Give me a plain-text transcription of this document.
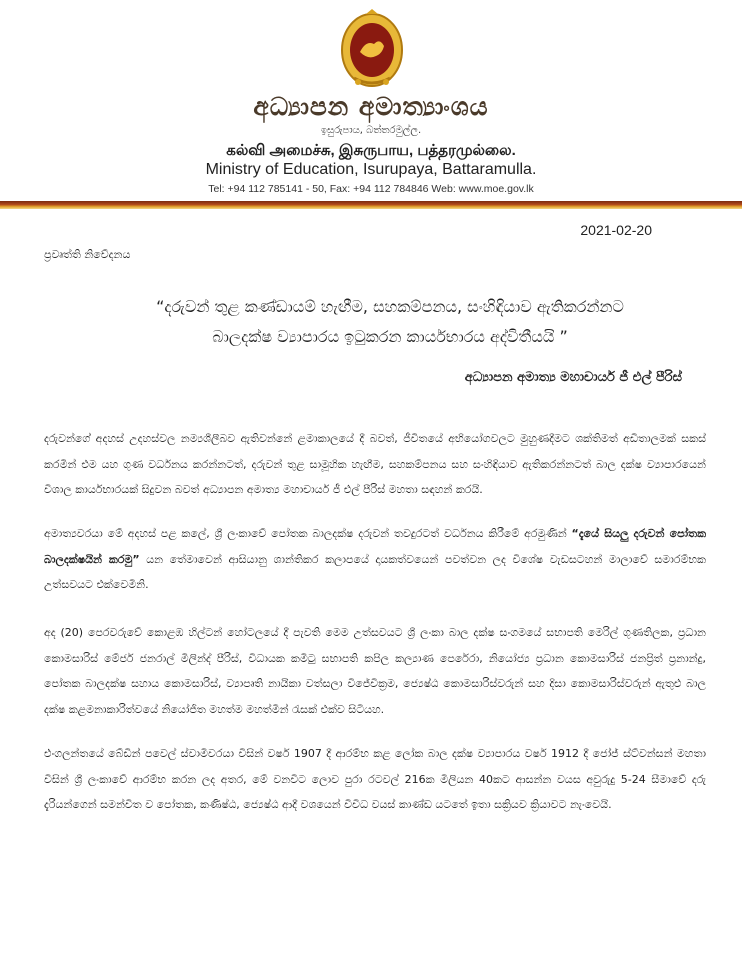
අධ්‍යාපන අමාත්‍යාංශය
ඉසුරුපාය, බත්තරමුල්ල.
கல்வி அமைச்சு, இசுருபாய, பத்தரமுல்லை.
Ministry of Education, Isurupaya, Battaramulla.
Tel: +94 112 785141 - 50, Fax: +94 112 784846 Web: www.moe.gov.lk
2021-02-20
ප්‍රවෘත්ති නිවේදනය
“දරුවන් තුළ කණ්ඩායම් හැඟීම, සහකම්පනය, සංහිඳියාව ඇතිකරන්නට
බාලදක්ෂ ව්‍යාපාරය ඉටුකරන කාර්යභාරය අද්විතීයයි ”
අධ්‍යාපන අමාත්‍ය මහාචාර්ය ජී එල් පීරිස්

දරුවන්ගේ අදහස් උදහස්වල නම්‍යශීලීබව ඇතිවන්නේ ළමාකාලයේ දී බවත්, ජීවිතයේ අභියෝගවලට මුහුණදීමට ශක්තිමත් අඩිතාලමක් සකස් කරමින් එම යහ ගුණ වර්ධනය කරන්නටත්, දරුවන් තුළ සාමූහික හැඟීම, සහකම්පනය සහ සංහිඳියාව ඇතිකරන්නටත් බාල දක්ෂ ව්‍යාපාරයෙන් විශාල කාර්යභාරයක් සිදුවන බවත් අධ්‍යාපන අමාත්‍ය මහාචාර්ය ජී එල් පීරිස් මහතා සඳහන් කරයි.

අමාත්‍යවරයා මේ අදහස් පළ කලේ, ශ්‍රී ලංකාවේ පෝතක බාලදක්ෂ දරුවන් තවදුරටත් වර්ධනය කිරීමේ අරමුණින් “දැයේ සියලු දරුවන් පෝතක බාලදක්ෂයින් කරමු” යන තේමාවෙන් ආසියානු ශාන්තිකර කලාපයේ දායකත්වයෙන් පවත්වන ලද විශේෂ වැඩසටහන් මාලාවේ සමාරම්භක උත්සවයට එක්වෙමිනි.

අද (20) පෙරවරුවේ කොළඹ හිල්ටන් හෝටලයේ දී පැවති මෙම උත්සවයට ශ්‍රී ලංකා බාල දක්ෂ සංගමයේ සභාපති මෙරිල් ගුණතිලක, ප්‍රධාන කොමසාරිස් මේජර් ජනරාල් මිලින්ද් පීරිස්, විධායක කමිටු සභාපති කපිල කල්‍යාණ පෙරේරා, නියෝජ්‍ය ප්‍රධාන කොමසාරිස් ජනප්‍රිත් ප්‍රනාන්දු, පෝතක බාලදක්ෂ සහාය කොමසාරිස්, ව්‍යාපෘති නායිකා වත්සලා විජේවික්‍රම, ජ්‍යෙෂ්ඨ කොමසාරිස්වරුන් සහ දිසා කොමසාරිස්වරුන් ඇතුළු බාල දක්ෂ කළමනාකාරිත්වයේ නියෝජිත මහත්ම මහත්මීන් රැසක් එක්ව සිටියහ.

එංගලන්තයේ බේඩින් පවෙල් ස්වාමිවරයා විසින් වර්ෂ 1907 දී ආරම්භ කළ ලෝක බාල දක්ෂ ව්‍යාපාරය වර්ෂ 1912 දී ජෝජ් ස්ට්වන්සන් මහතා විසින් ශ්‍රී ලංකාවේ ආරම්භ කරන ලද අතර, මේ වනවිට ලොව පුරා රටවල් 216ක මිලියන 40කට ආසන්න වයස අවුරුදු 5-24 සීමාවේ දරු දැරියන්ගෙන් සමන්විත ව පෝතක, කණිෂ්ඨ, ජ්‍යෙෂ්ඨ ආදී වශයෙන් විවිධ වයස් කාණ්ඩ යටතේ ඉතා සක්‍රියව ක්‍රියාවට නැංවෙයි.
